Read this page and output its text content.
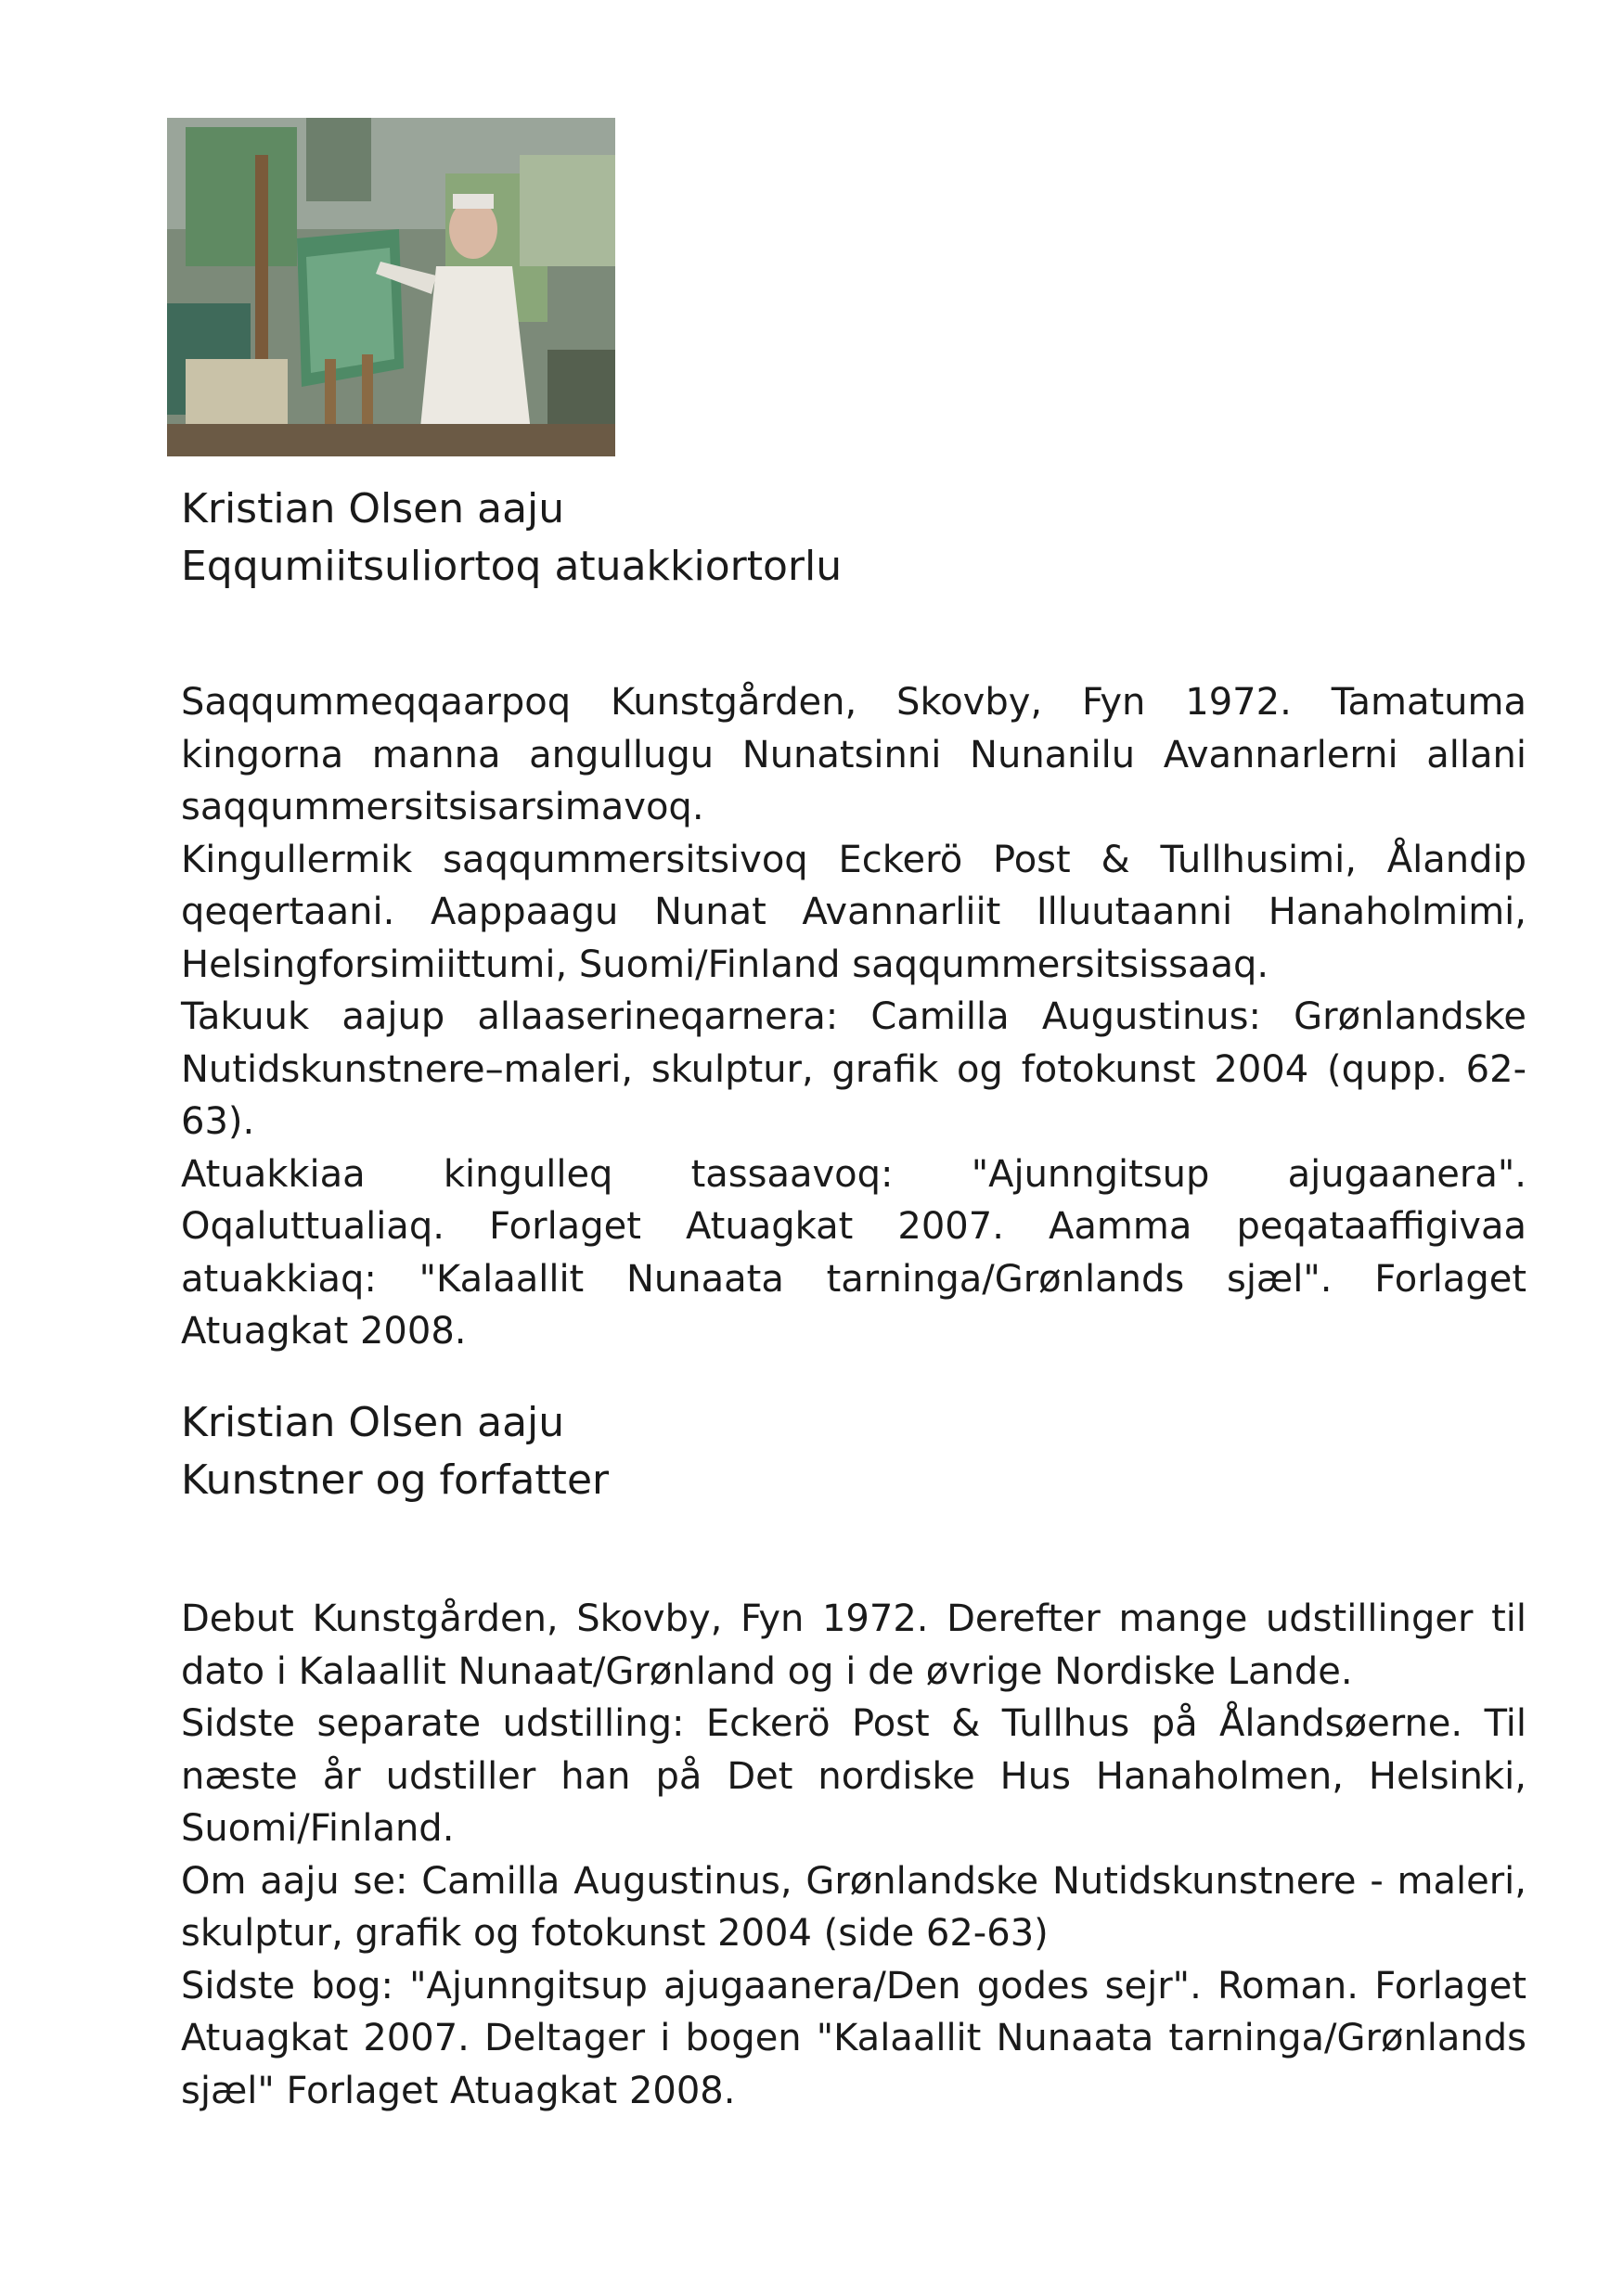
Kristian Olsen aaju

Eqqumiitsuliortoq atuakkiortorlu

Saqqummeqqaarpoq Kunstgården, Skovby, Fyn 1972. Tamatuma kingorna manna angullugu Nunatsinni Nunanilu Avannarlerni allani saqqummersitsisarsimavoq.

Kingullermik saqqummersitsivoq Eckerö Post & Tullhusimi, Ålandip qeqertaani. Aappaagu Nunat Avannarliit Illuutaanni Hanaholmimi, Helsingforsimiittumi, Suomi/Finland saqqummersitsissaaq.

Takuuk aajup allaaserineqarnera: Camilla Augustinus: Grønlandske Nutidskunstnere–maleri, skulptur, grafik og fotokunst 2004 (qupp. 62-63).

Atuakkiaa kingulleq tassaavoq: "Ajunngitsup ajugaanera". Oqaluttualiaq. Forlaget Atuagkat 2007. Aamma peqataaffigivaa atuakkiaq: "Kalaallit Nunaata tarninga/Grønlands sjæl". Forlaget Atuagkat 2008.

Kristian Olsen aaju

Kunstner og forfatter

Debut Kunstgården, Skovby, Fyn 1972. Derefter mange udstillinger til dato i Kalaallit Nunaat/Grønland og i de øvrige Nordiske Lande.

Sidste separate udstilling: Eckerö Post & Tullhus på Ålandsøerne. Til næste år udstiller han på Det nordiske Hus Hanaholmen, Helsinki, Suomi/Finland.

Om aaju se: Camilla Augustinus, Grønlandske Nutidskunstnere - maleri, skulptur, grafik og fotokunst 2004 (side 62-63)

Sidste bog: "Ajunngitsup ajugaanera/Den godes sejr". Roman. Forlaget Atuagkat 2007. Deltager i bogen "Kalaallit Nunaata tarninga/Grønlands sjæl" Forlaget Atuagkat 2008.
